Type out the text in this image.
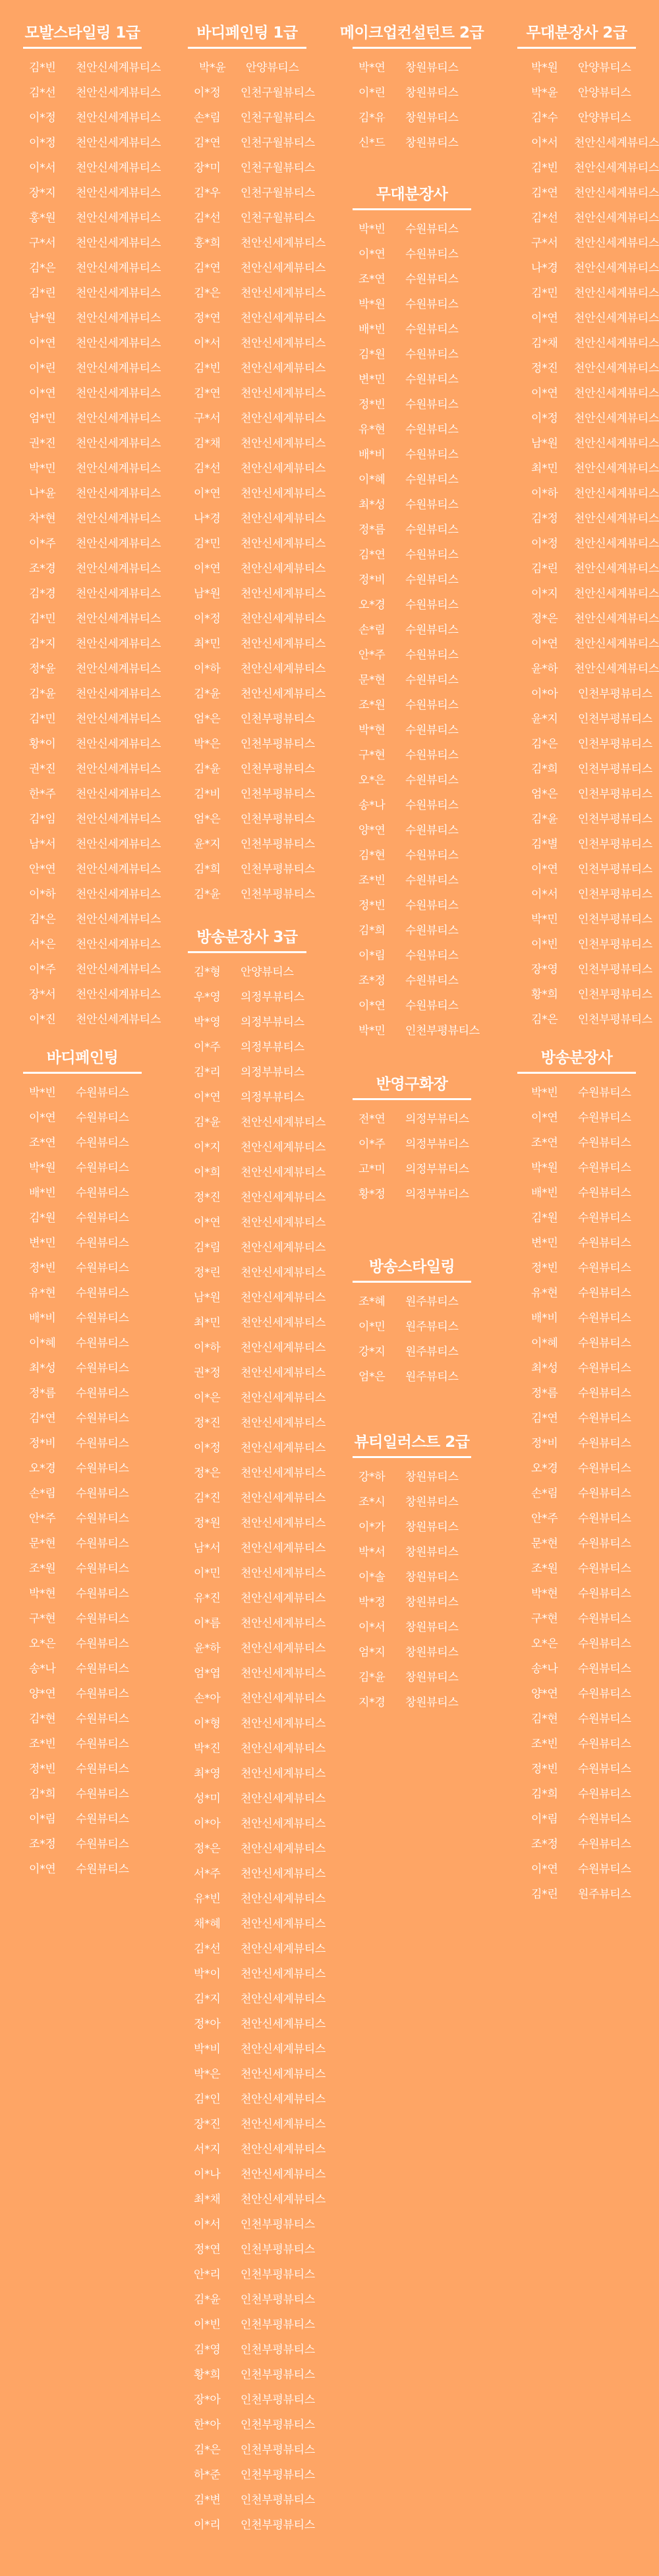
모발스타일링 1급
김*빈	천안신세계뷰티스
김*선	천안신세계뷰티스
이*정	천안신세계뷰티스
이*정	천안신세계뷰티스
이*서	천안신세계뷰티스
장*지	천안신세계뷰티스
홍*원	천안신세계뷰티스
구*서	천안신세계뷰티스
김*은	천안신세계뷰티스
김*린	천안신세계뷰티스
남*원	천안신세계뷰티스
이*연	천안신세계뷰티스
이*린	천안신세계뷰티스
이*연	천안신세계뷰티스
엄*민	천안신세계뷰티스
권*진	천안신세계뷰티스
박*민	천안신세계뷰티스
나*윤	천안신세계뷰티스
차*현	천안신세계뷰티스
이*주	천안신세계뷰티스
조*경	천안신세계뷰티스
김*경	천안신세계뷰티스
김*민	천안신세계뷰티스
김*지	천안신세계뷰티스
정*윤	천안신세계뷰티스
김*윤	천안신세계뷰티스
김*민	천안신세계뷰티스
황*이	천안신세계뷰티스
권*진	천안신세계뷰티스
한*주	천안신세계뷰티스
김*임	천안신세계뷰티스
남*서	천안신세계뷰티스
안*연	천안신세계뷰티스
이*하	천안신세계뷰티스
김*은	천안신세계뷰티스
서*은	천안신세계뷰티스
이*주	천안신세계뷰티스
장*서	천안신세계뷰티스
이*진	천안신세계뷰티스
바디페인팅
박*빈	수원뷰티스
이*연	수원뷰티스
조*연	수원뷰티스
박*원	수원뷰티스
배*빈	수원뷰티스
김*원	수원뷰티스
변*민	수원뷰티스
정*빈	수원뷰티스
유*현	수원뷰티스
배*비	수원뷰티스
이*혜	수원뷰티스
최*성	수원뷰티스
정*름	수원뷰티스
김*연	수원뷰티스
정*비	수원뷰티스
오*경	수원뷰티스
손*림	수원뷰티스
안*주	수원뷰티스
문*현	수원뷰티스
조*원	수원뷰티스
박*현	수원뷰티스
구*현	수원뷰티스
오*은	수원뷰티스
송*나	수원뷰티스
양*연	수원뷰티스
김*현	수원뷰티스
조*빈	수원뷰티스
정*빈	수원뷰티스
김*희	수원뷰티스
이*림	수원뷰티스
조*정	수원뷰티스
이*연	수원뷰티스
바디페인팅 1급
박*윤	안양뷰티스
이*정	인천구월뷰티스
손*림	인천구월뷰티스
김*연	인천구월뷰티스
장*미	인천구월뷰티스
김*우	인천구월뷰티스
김*선	인천구월뷰티스
홍*희	천안신세계뷰티스
김*연	천안신세계뷰티스
김*은	천안신세계뷰티스
정*연	천안신세계뷰티스
이*서	천안신세계뷰티스
김*빈	천안신세계뷰티스
김*연	천안신세계뷰티스
구*서	천안신세계뷰티스
김*채	천안신세계뷰티스
김*선	천안신세계뷰티스
이*연	천안신세계뷰티스
나*경	천안신세계뷰티스
김*민	천안신세계뷰티스
이*연	천안신세계뷰티스
남*원	천안신세계뷰티스
이*정	천안신세계뷰티스
최*민	천안신세계뷰티스
이*하	천안신세계뷰티스
김*윤	천안신세계뷰티스
엄*은	인천부평뷰티스
박*은	인천부평뷰티스
김*윤	인천부평뷰티스
김*비	인천부평뷰티스
엄*은	인천부평뷰티스
윤*지	인천부평뷰티스
김*희	인천부평뷰티스
김*윤	인천부평뷰티스
방송분장사 3급
김*형	안양뷰티스
우*영	의정부뷰티스
박*영	의정부뷰티스
이*주	의정부뷰티스
김*리	의정부뷰티스
이*연	의정부뷰티스
김*윤	천안신세계뷰티스
이*지	천안신세계뷰티스
이*희	천안신세계뷰티스
정*진	천안신세계뷰티스
이*연	천안신세계뷰티스
김*림	천안신세계뷰티스
정*린	천안신세계뷰티스
남*원	천안신세계뷰티스
최*민	천안신세계뷰티스
이*하	천안신세계뷰티스
권*정	천안신세계뷰티스
이*은	천안신세계뷰티스
정*진	천안신세계뷰티스
이*정	천안신세계뷰티스
정*은	천안신세계뷰티스
김*진	천안신세계뷰티스
정*원	천안신세계뷰티스
남*서	천안신세계뷰티스
이*민	천안신세계뷰티스
유*진	천안신세계뷰티스
이*름	천안신세계뷰티스
윤*하	천안신세계뷰티스
엄*엽	천안신세계뷰티스
손*아	천안신세계뷰티스
이*형	천안신세계뷰티스
박*진	천안신세계뷰티스
최*영	천안신세계뷰티스
성*미	천안신세계뷰티스
이*아	천안신세계뷰티스
정*은	천안신세계뷰티스
서*주	천안신세계뷰티스
유*빈	천안신세계뷰티스
채*혜	천안신세계뷰티스
김*선	천안신세계뷰티스
박*이	천안신세계뷰티스
김*지	천안신세계뷰티스
정*아	천안신세계뷰티스
박*비	천안신세계뷰티스
박*은	천안신세계뷰티스
김*인	천안신세계뷰티스
장*진	천안신세계뷰티스
서*지	천안신세계뷰티스
이*나	천안신세계뷰티스
최*채	천안신세계뷰티스
이*서	인천부평뷰티스
정*연	인천부평뷰티스
안*리	인천부평뷰티스
김*윤	인천부평뷰티스
이*빈	인천부평뷰티스
김*영	인천부평뷰티스
황*희	인천부평뷰티스
장*아	인천부평뷰티스
한*아	인천부평뷰티스
김*은	인천부평뷰티스
하*준	인천부평뷰티스
김*변	인천부평뷰티스
이*리	인천부평뷰티스
메이크업컨설턴트 2급
박*연	창원뷰티스
이*린	창원뷰티스
김*유	창원뷰티스
신*드	창원뷰티스
무대분장사
박*빈	수원뷰티스
이*연	수원뷰티스
조*연	수원뷰티스
박*원	수원뷰티스
배*빈	수원뷰티스
김*원	수원뷰티스
변*민	수원뷰티스
정*빈	수원뷰티스
유*현	수원뷰티스
배*비	수원뷰티스
이*혜	수원뷰티스
최*성	수원뷰티스
정*름	수원뷰티스
김*연	수원뷰티스
정*비	수원뷰티스
오*경	수원뷰티스
손*림	수원뷰티스
안*주	수원뷰티스
문*현	수원뷰티스
조*원	수원뷰티스
박*현	수원뷰티스
구*현	수원뷰티스
오*은	수원뷰티스
송*나	수원뷰티스
양*연	수원뷰티스
김*현	수원뷰티스
조*빈	수원뷰티스
정*빈	수원뷰티스
김*희	수원뷰티스
이*림	수원뷰티스
조*정	수원뷰티스
이*연	수원뷰티스
박*민	인천부평뷰티스
반영구화장
전*연	의정부뷰티스
이*주	의정부뷰티스
고*미	의정부뷰티스
황*정	의정부뷰티스
방송스타일링
조*혜	원주뷰티스
이*민	원주뷰티스
강*지	원주뷰티스
엄*은	원주뷰티스
뷰티일러스트 2급
강*하	창원뷰티스
조*시	창원뷰티스
이*가	창원뷰티스
박*서	창원뷰티스
이*솔	창원뷰티스
박*정	창원뷰티스
이*서	창원뷰티스
엄*지	창원뷰티스
김*윤	창원뷰티스
지*경	창원뷰티스
무대분장사 2급
박*원	안양뷰티스
박*윤	안양뷰티스
김*수	안양뷰티스
이*서	천안신세계뷰티스
김*빈	천안신세계뷰티스
김*연	천안신세계뷰티스
김*선	천안신세계뷰티스
구*서	천안신세계뷰티스
나*경	천안신세계뷰티스
김*민	천안신세계뷰티스
이*연	천안신세계뷰티스
김*채	천안신세계뷰티스
정*진	천안신세계뷰티스
이*연	천안신세계뷰티스
이*정	천안신세계뷰티스
남*원	천안신세계뷰티스
최*민	천안신세계뷰티스
이*하	천안신세계뷰티스
김*정	천안신세계뷰티스
이*정	천안신세계뷰티스
김*린	천안신세계뷰티스
이*지	천안신세계뷰티스
정*은	천안신세계뷰티스
이*연	천안신세계뷰티스
윤*하	천안신세계뷰티스
이*아	인천부평뷰티스
윤*지	인천부평뷰티스
김*은	인천부평뷰티스
김*희	인천부평뷰티스
엄*은	인천부평뷰티스
김*윤	인천부평뷰티스
김*별	인천부평뷰티스
이*연	인천부평뷰티스
이*서	인천부평뷰티스
박*민	인천부평뷰티스
이*빈	인천부평뷰티스
장*영	인천부평뷰티스
황*희	인천부평뷰티스
김*은	인천부평뷰티스
방송분장사
박*빈	수원뷰티스
이*연	수원뷰티스
조*연	수원뷰티스
박*원	수원뷰티스
배*빈	수원뷰티스
김*원	수원뷰티스
변*민	수원뷰티스
정*빈	수원뷰티스
유*현	수원뷰티스
배*비	수원뷰티스
이*혜	수원뷰티스
최*성	수원뷰티스
정*름	수원뷰티스
김*연	수원뷰티스
정*비	수원뷰티스
오*경	수원뷰티스
손*림	수원뷰티스
안*주	수원뷰티스
문*현	수원뷰티스
조*원	수원뷰티스
박*현	수원뷰티스
구*현	수원뷰티스
오*은	수원뷰티스
송*나	수원뷰티스
양*연	수원뷰티스
김*현	수원뷰티스
조*빈	수원뷰티스
정*빈	수원뷰티스
김*희	수원뷰티스
이*림	수원뷰티스
조*정	수원뷰티스
이*연	수원뷰티스
김*린	원주뷰티스
